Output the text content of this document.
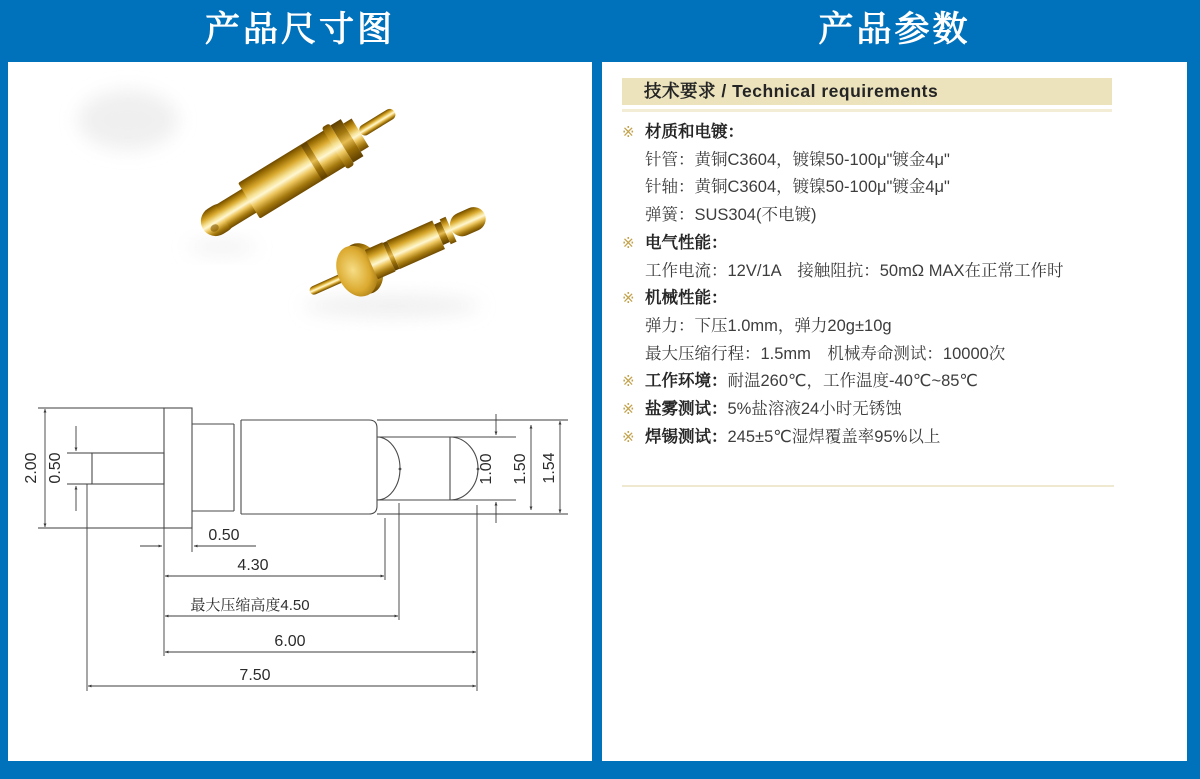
产品尺寸图	产品参数
2.00 0.50
0.50
4.30
最大压缩高度4.50
6.00
7.50
1.00 1.50 1.54
技术要求 / Technical requirements
※ 材质和电镀：
针管：黄铜C3604，镀镍50-100μ"镀金4μ"
针轴：黄铜C3604，镀镍50-100μ"镀金4μ"
弹簧：SUS304(不电镀)
※ 电气性能：
工作电流：12V/1A　接触阻抗：50mΩ MAX在正常工作时
※ 机械性能：
弹力：下压1.0mm，弹力20g±10g
最大压缩行程：1.5mm　机械寿命测试：10000次
※ 工作环境： 耐温260℃，工作温度-40℃~85℃
※ 盐雾测试： 5%盐溶液24小时无锈蚀
※ 焊锡测试： 245±5℃湿焊覆盖率95%以上
